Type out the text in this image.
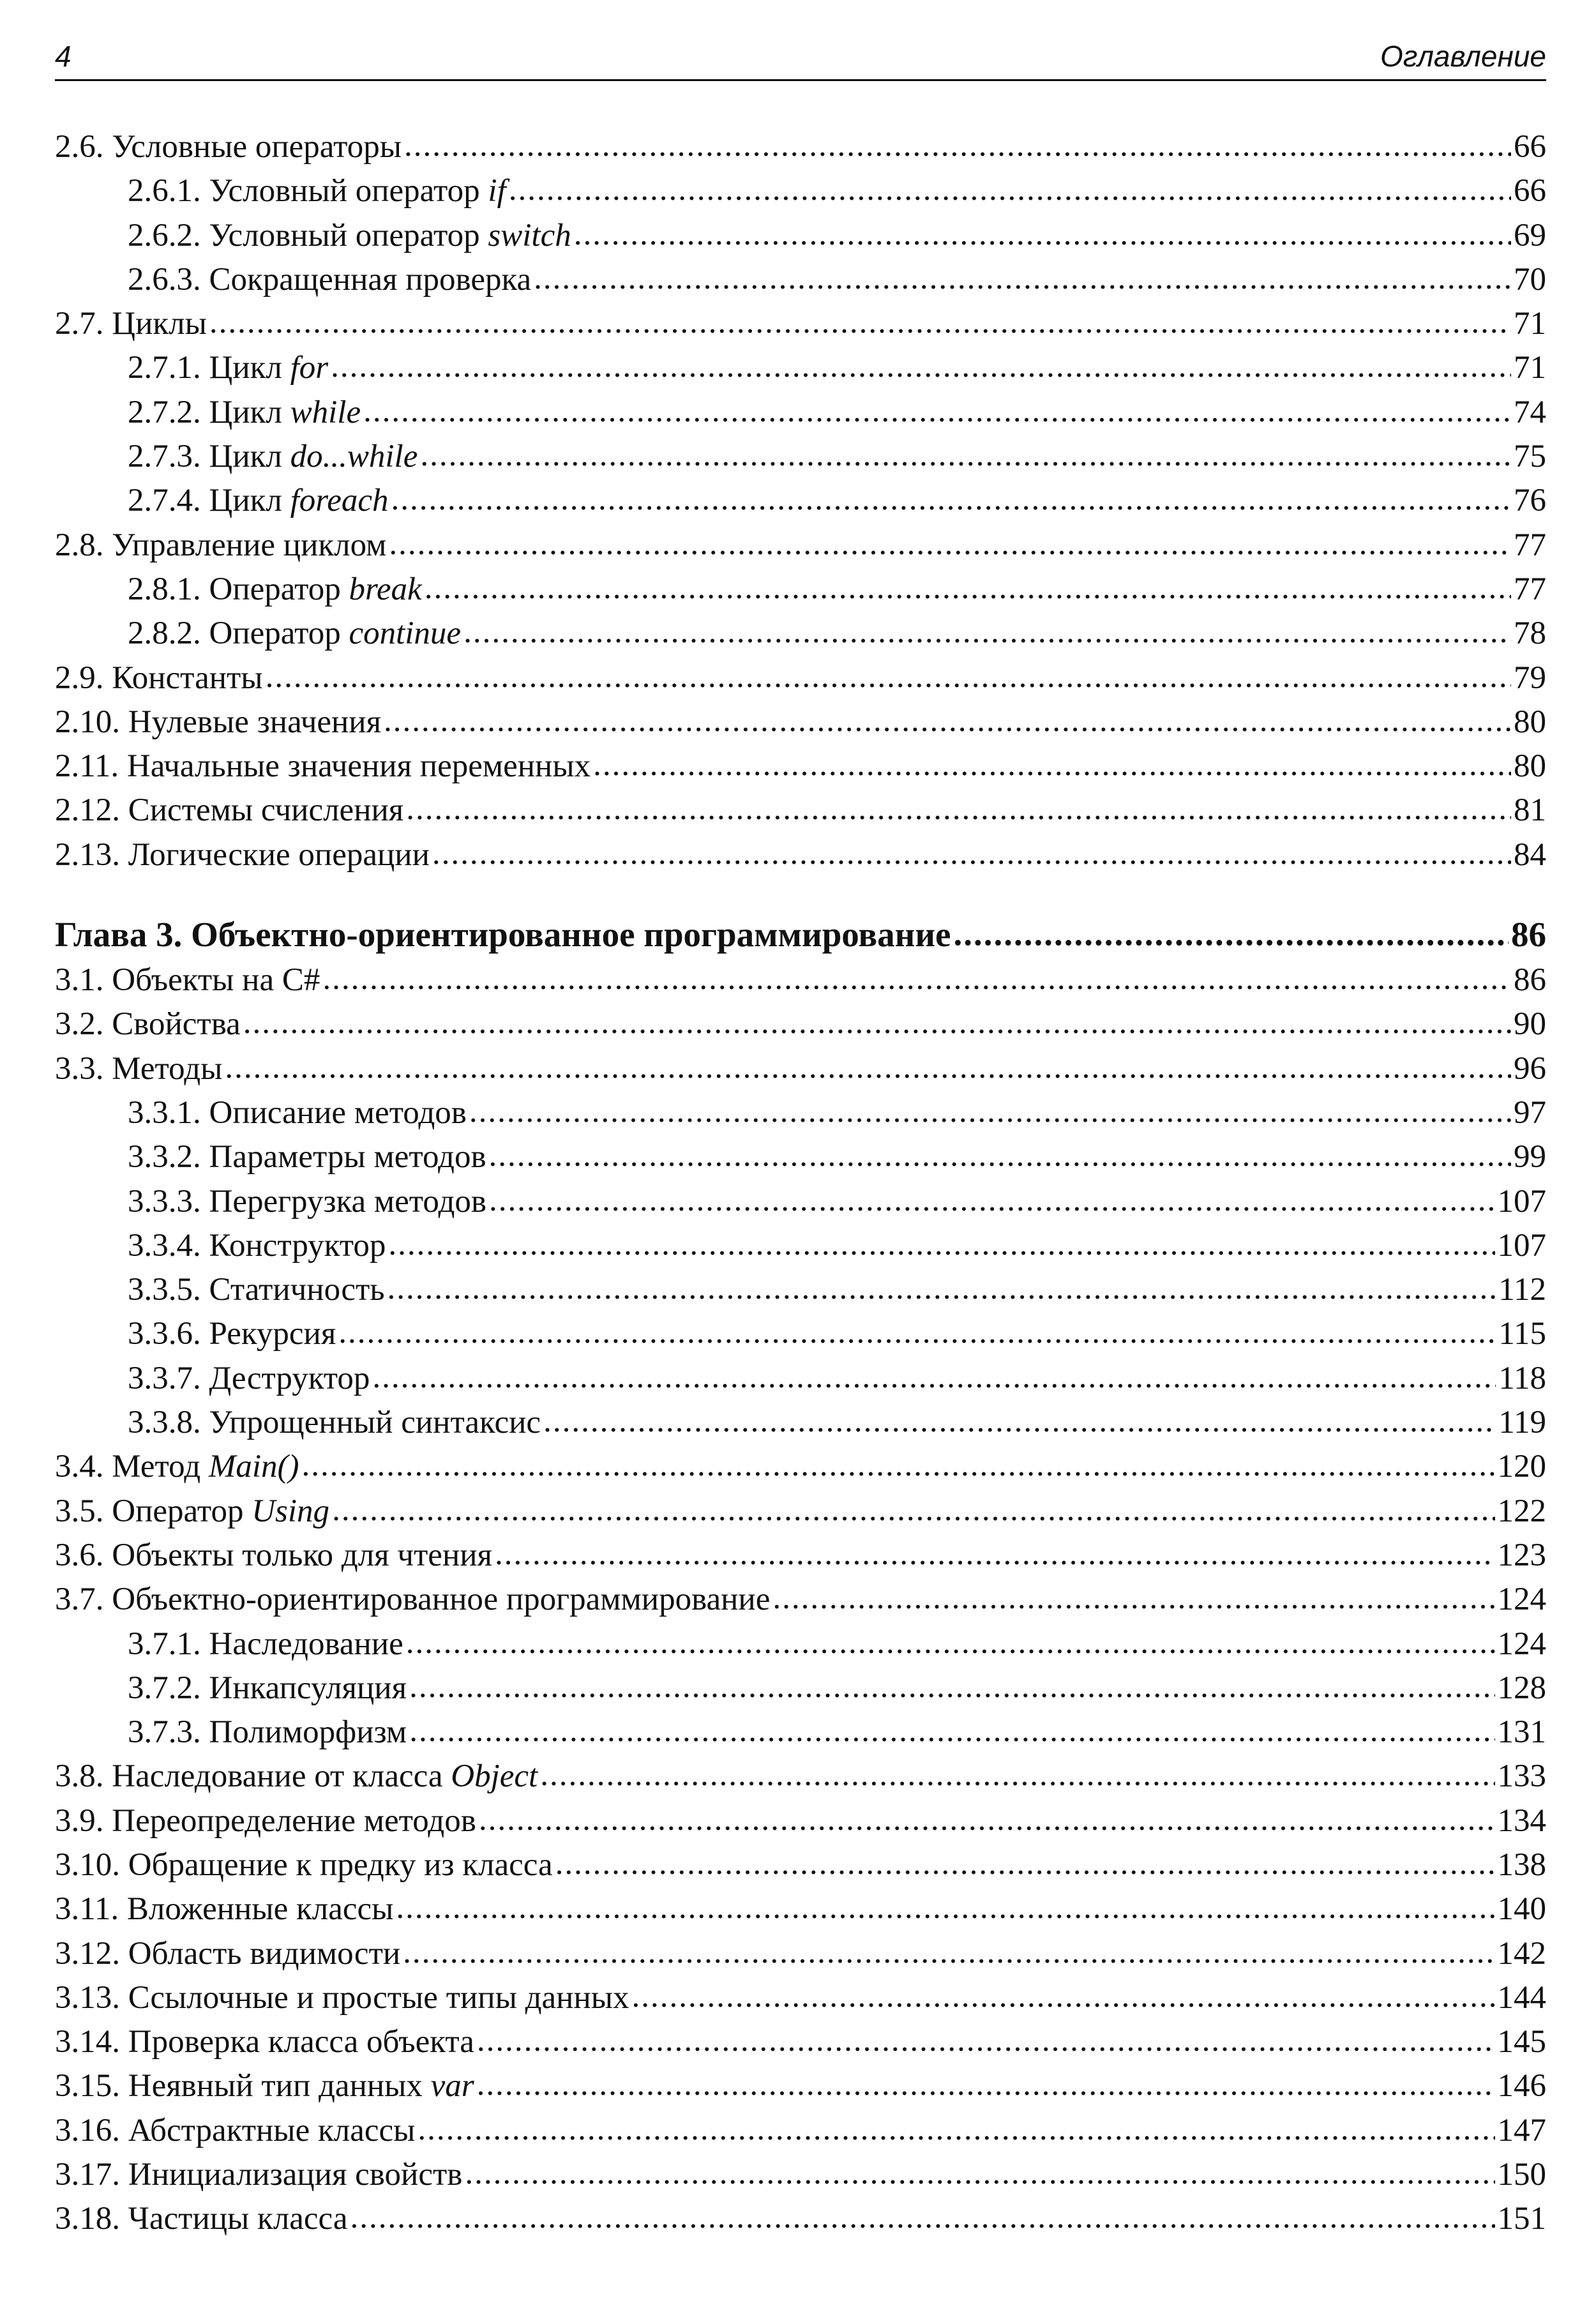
4	Оглавление
2.6. Условные операторы .....	66
2.6.1. Условный оператор if .....	66
2.6.2. Условный оператор switch .....	69
2.6.3. Сокращенная проверка .....	70
2.7. Циклы .....	71
2.7.1. Цикл for .....	71
2.7.2. Цикл while .....	74
2.7.3. Цикл do...while .....	75
2.7.4. Цикл foreach .....	76
2.8. Управление циклом .....	77
2.8.1. Оператор break .....	77
2.8.2. Оператор continue .....	78
2.9. Константы .....	79
2.10. Нулевые значения .....	80
2.11. Начальные значения переменных .....	80
2.12. Системы счисления .....	81
2.13. Логические операции .....	84
Глава 3. Объектно-ориентированное программирование .....	86
3.1. Объекты на C# .....	86
3.2. Свойства .....	90
3.3. Методы .....	96
3.3.1. Описание методов .....	97
3.3.2. Параметры методов .....	99
3.3.3. Перегрузка методов .....	107
3.3.4. Конструктор .....	107
3.3.5. Статичность .....	112
3.3.6. Рекурсия .....	115
3.3.7. Деструктор .....	118
3.3.8. Упрощенный синтаксис .....	119
3.4. Метод Main() .....	120
3.5. Оператор Using .....	122
3.6. Объекты только для чтения .....	123
3.7. Объектно-ориентированное программирование .....	124
3.7.1. Наследование .....	124
3.7.2. Инкапсуляция .....	128
3.7.3. Полиморфизм .....	131
3.8. Наследование от класса Object .....	133
3.9. Переопределение методов .....	134
3.10. Обращение к предку из класса .....	138
3.11. Вложенные классы .....	140
3.12. Область видимости .....	142
3.13. Ссылочные и простые типы данных .....	144
3.14. Проверка класса объекта .....	145
3.15. Неявный тип данных var .....	146
3.16. Абстрактные классы .....	147
3.17. Инициализация свойств .....	150
3.18. Частицы класса .....	151
